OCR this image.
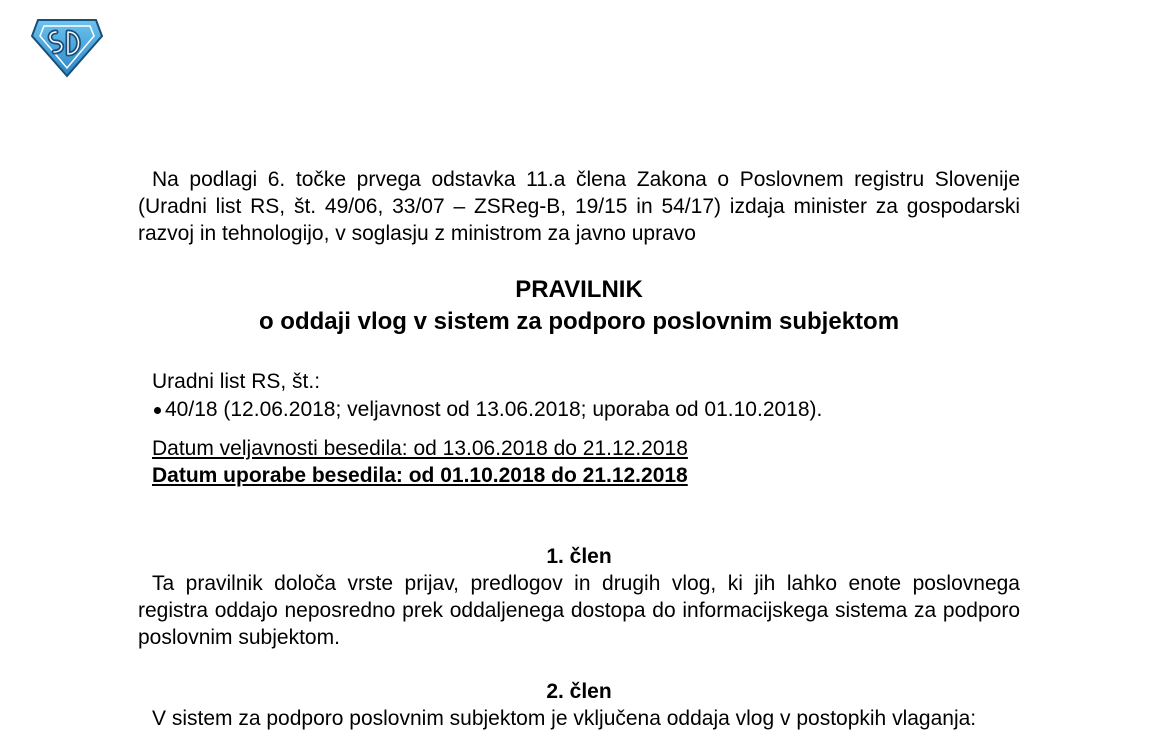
Na podlagi 6. točke prvega odstavka 11.a člena Zakona o Poslovnem registru Slovenije (Uradni list RS, št. 49/06, 33/07 – ZSReg-B, 19/15 in 54/17) izdaja minister za gospodarski razvoj in tehnologijo, v soglasju z ministrom za javno upravo

PRAVILNIK
o oddaji vlog v sistem za podporo poslovnim subjektom
Uradni list RS, št.:
40/18 (12.06.2018; veljavnost od 13.06.2018; uporaba od 01.10.2018).
Datum veljavnosti besedila: od 13.06.2018 do 21.12.2018
Datum uporabe besedila: od 01.10.2018 do 21.12.2018
1. člen

Ta pravilnik določa vrste prijav, predlogov in drugih vlog, ki jih lahko enote poslovnega registra oddajo neposredno prek oddaljenega dostopa do informacijskega sistema za podporo poslovnim subjektom.

2. člen

V sistem za podporo poslovnim subjektom je vključena oddaja vlog v postopkih vlaganja:
